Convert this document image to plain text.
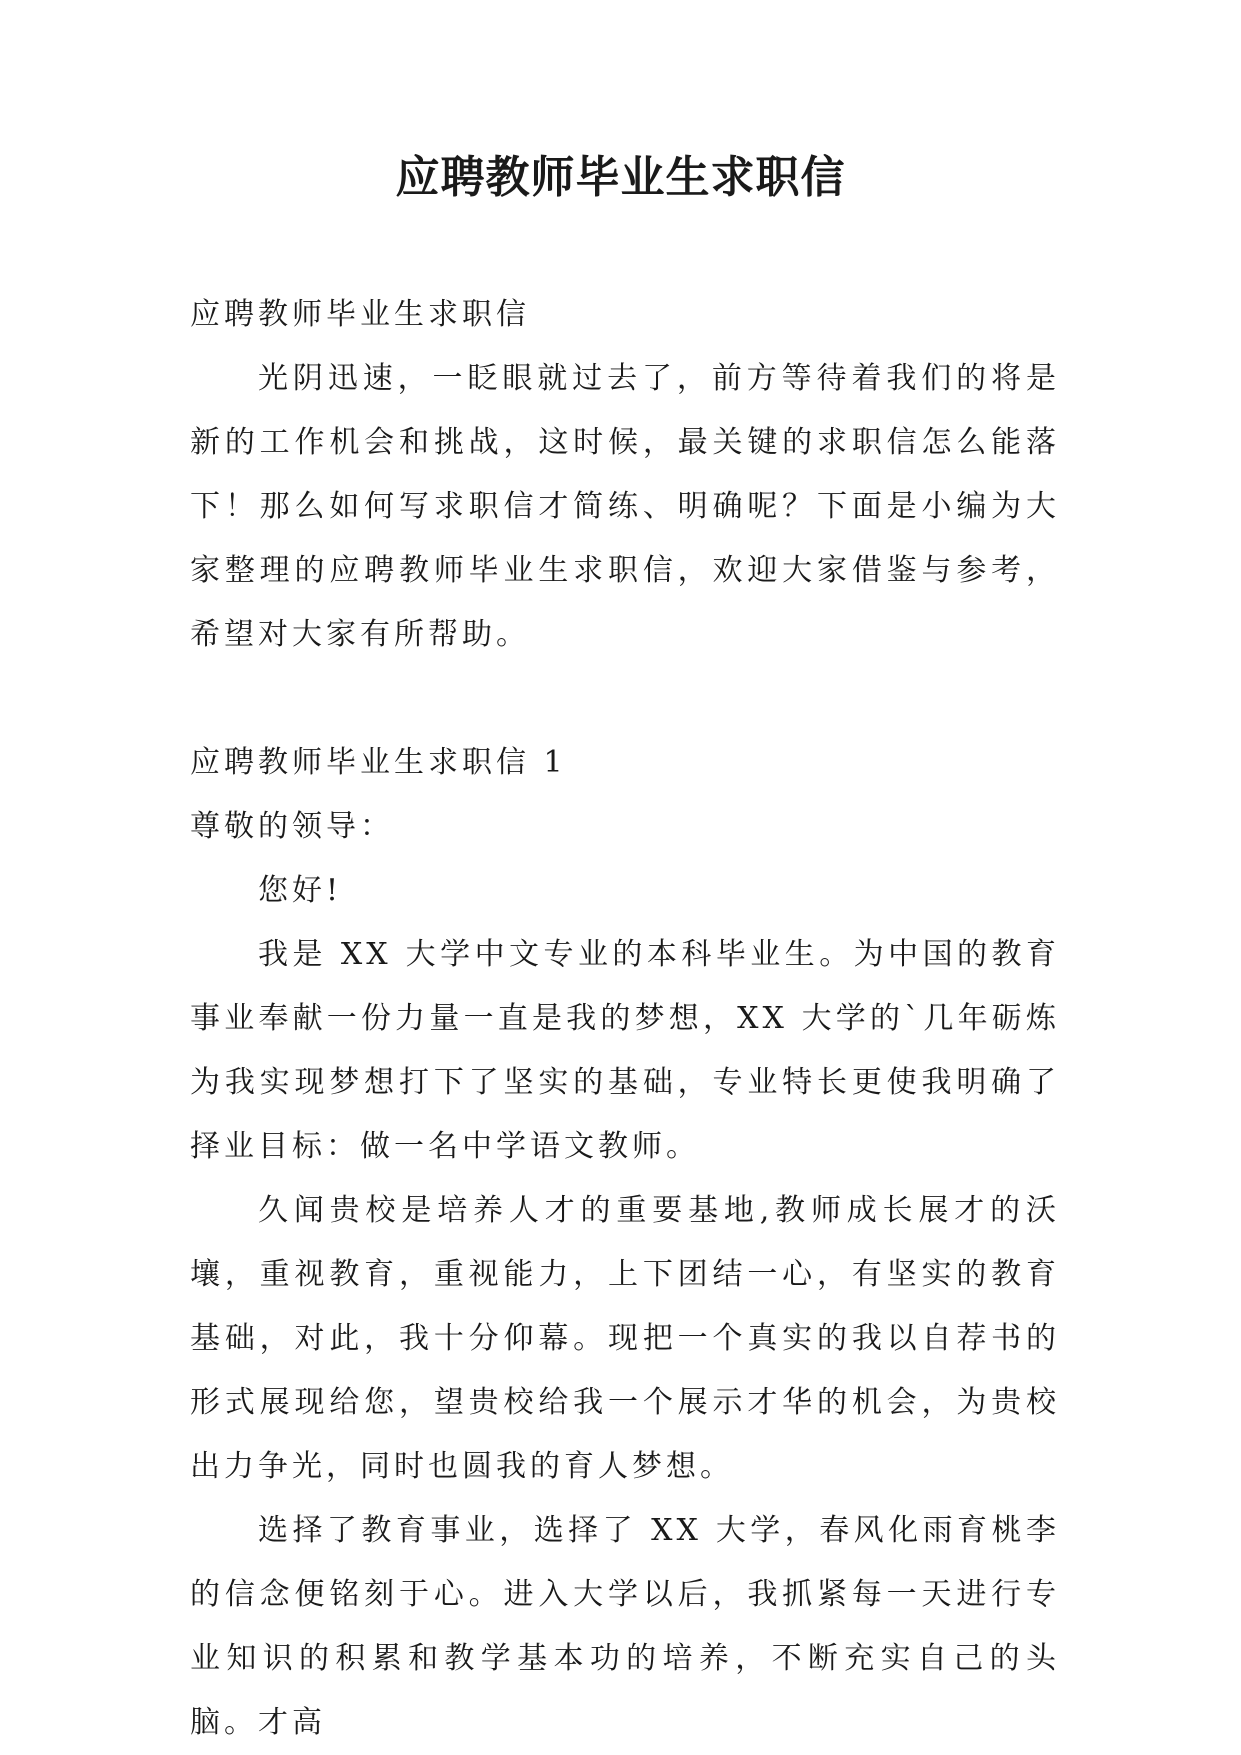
应聘教师毕业生求职信

应聘教师毕业生求职信

光阴迅速，一眨眼就过去了，前方等待着我们的将是新的工作机会和挑战，这时候，最关键的求职信怎么能落下！那么如何写求职信才简练、明确呢？下面是小编为大家整理的应聘教师毕业生求职信，欢迎大家借鉴与参考，希望对大家有所帮助。

应聘教师毕业生求职信 1

尊敬的领导：

您好!

我是 XX 大学中文专业的本科毕业生。为中国的教育事业奉献一份力量一直是我的梦想，XX 大学的`几年砺炼为我实现梦想打下了坚实的基础，专业特长更使我明确了择业目标：做一名中学语文教师。

久闻贵校是培养人才的重要基地,教师成长展才的沃壤，重视教育，重视能力，上下团结一心，有坚实的教育基础，对此，我十分仰幕。现把一个真实的我以自荐书的形式展现给您，望贵校给我一个展示才华的机会，为贵校出力争光，同时也圆我的育人梦想。

选择了教育事业，选择了 XX 大学，春风化雨育桃李的信念便铭刻于心。进入大学以后，我抓紧每一天进行专业知识的积累和教学基本功的培养，不断充实自己的头脑。才高
